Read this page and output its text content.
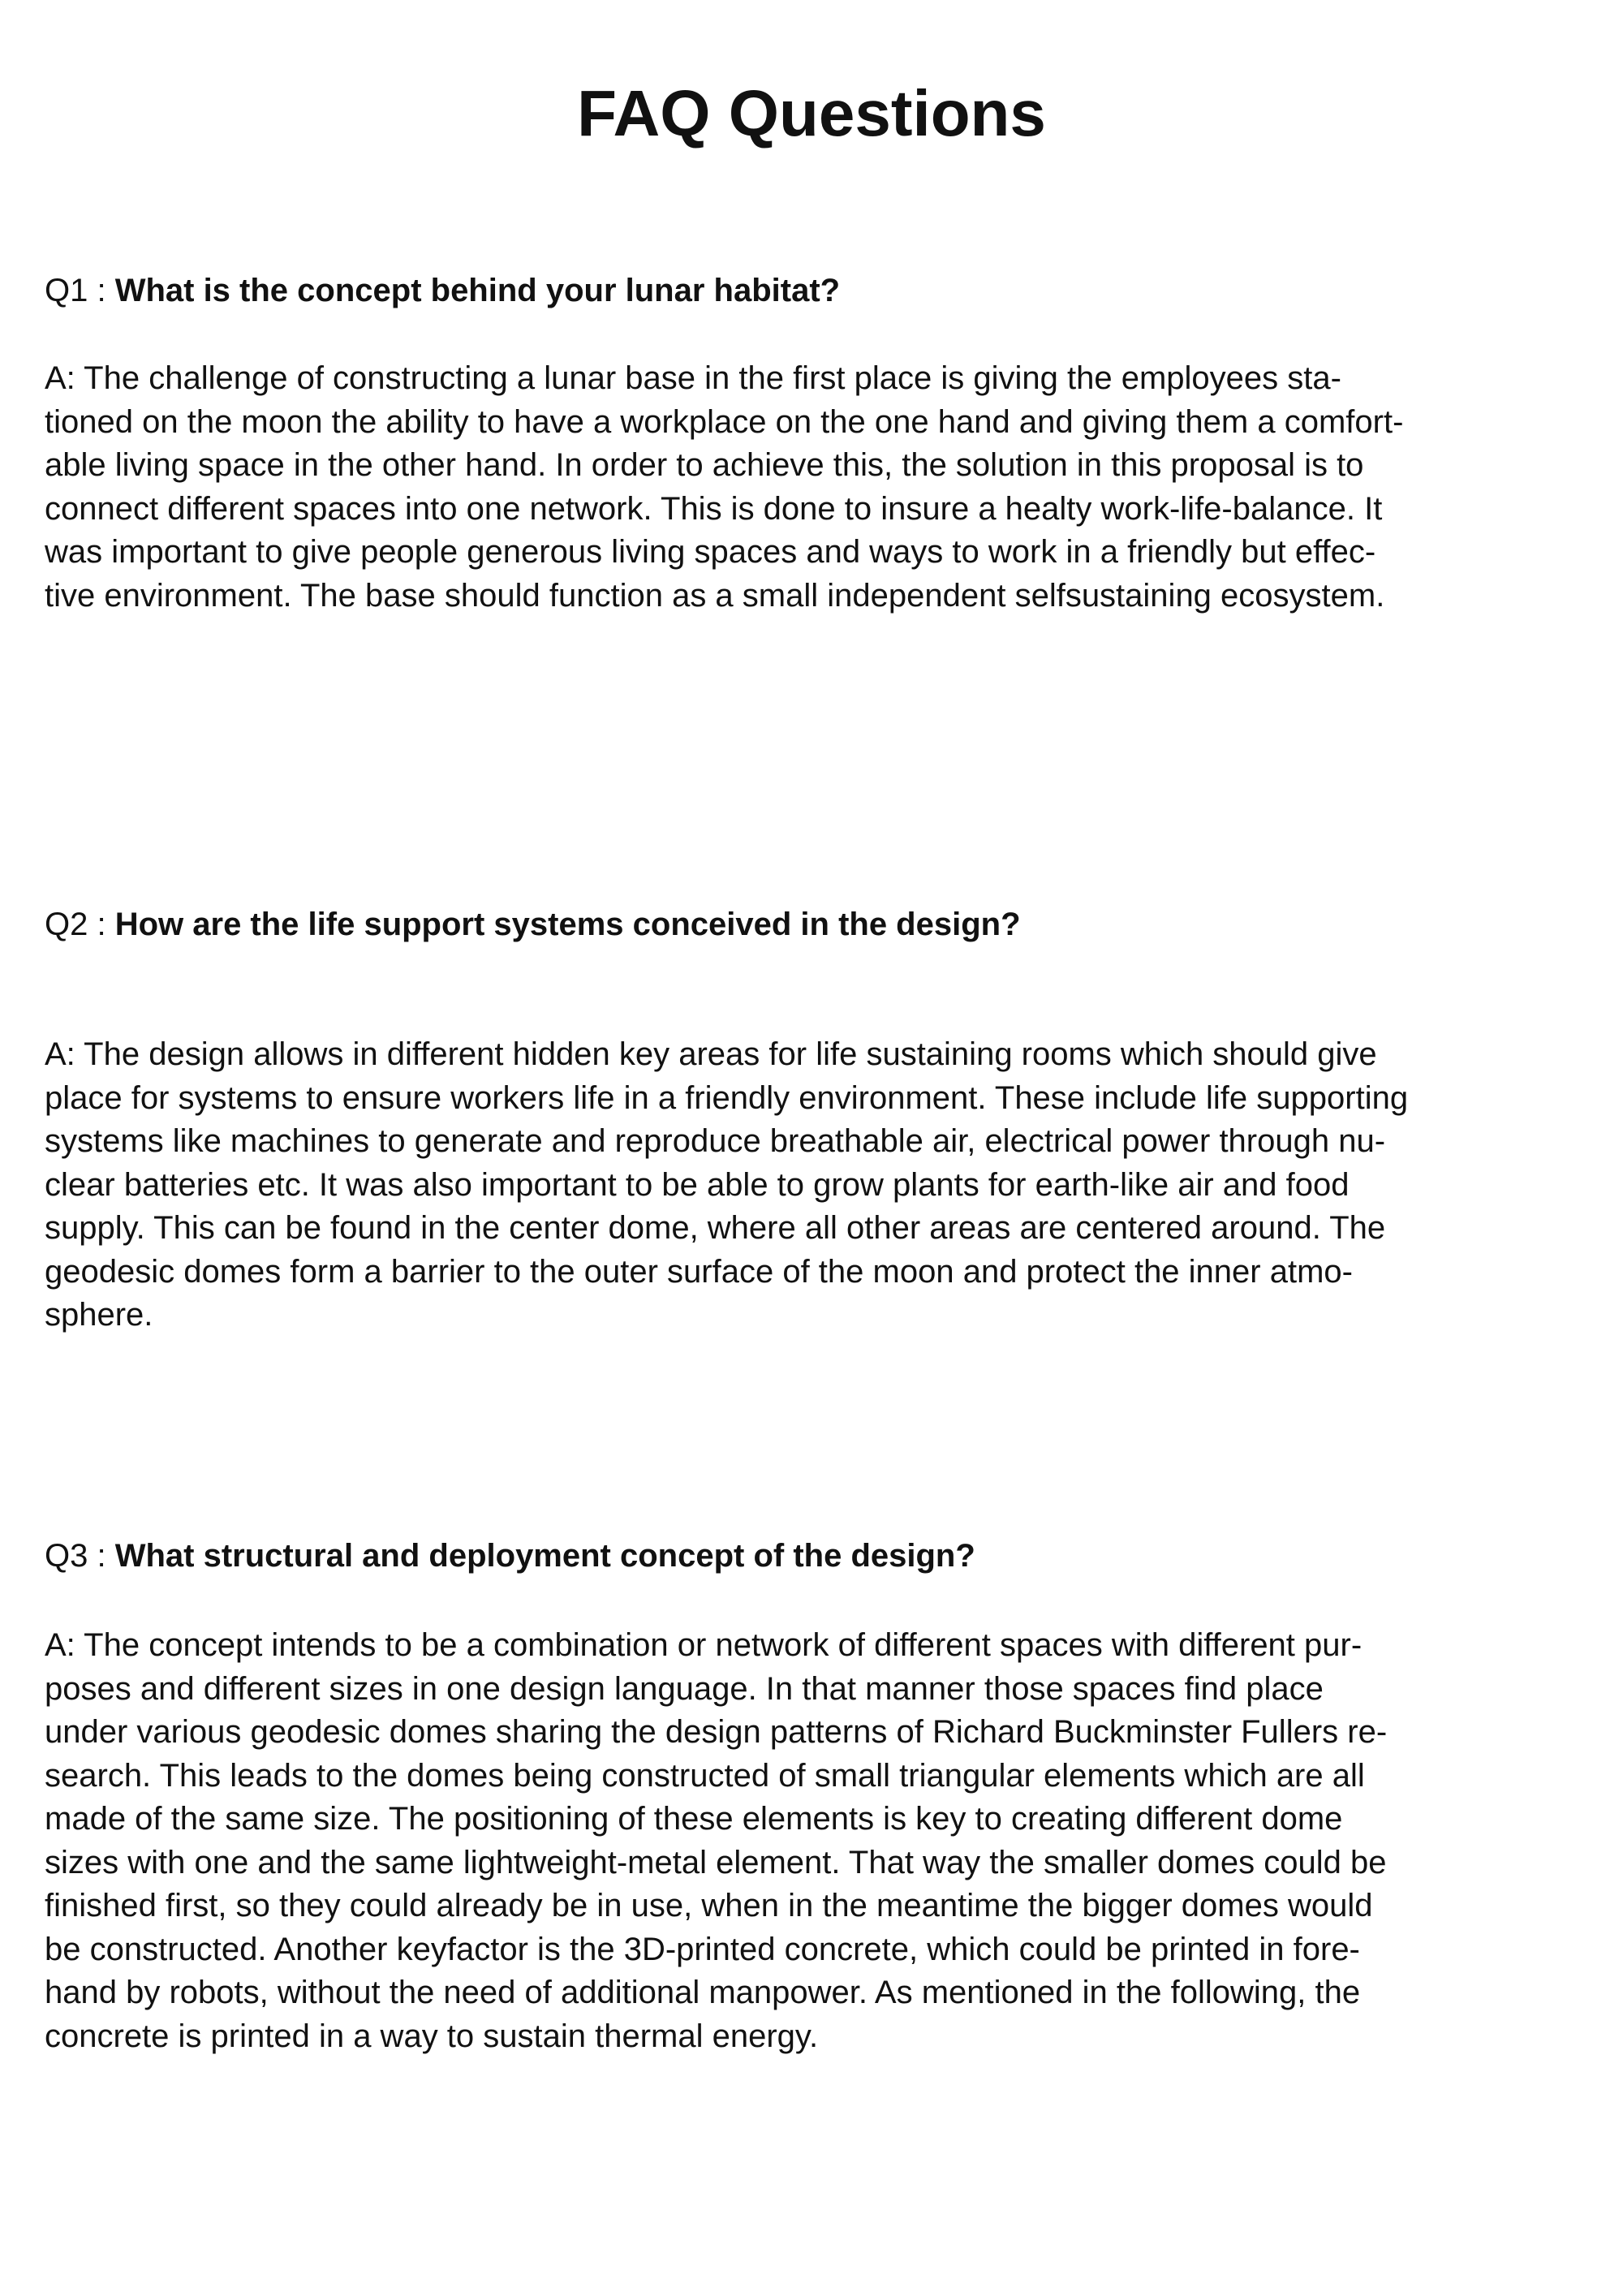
FAQ Questions

Q1 : What is the concept behind your lunar habitat?

A: The challenge of constructing a lunar base in the first place is giving the employees sta-
tioned on the moon the ability to have a workplace on the one hand and giving them a comfort-
able living space in the other hand. In order to achieve this, the solution in this proposal is to
connect different spaces into one network. This is done to insure a healty work-life-balance. It
was important to give people generous living spaces and ways to work in a friendly but effec-
tive environment. The base should function as a small independent selfsustaining ecosystem.

Q2 : How are the life support systems conceived in the design?

A: The design allows in different hidden key areas for life sustaining rooms which should give
place for systems to ensure workers life in a friendly environment. These include life supporting
systems like machines to generate and reproduce breathable air, electrical power through nu-
clear batteries etc. It was also important to be able to grow plants for earth-like air and food
supply. This can be found in the center dome, where all other areas are centered around. The
geodesic domes form a barrier to the outer surface of the moon and protect the inner atmo-
sphere.

Q3 : What structural and deployment concept of the design?

A: The concept intends to be a combination or network of different spaces with different pur-
poses and different sizes in one design language. In that manner those spaces find place
under various geodesic domes sharing the design patterns of Richard Buckminster Fullers re-
search. This leads to the domes being constructed of small triangular elements which are all
made of the same size. The positioning of these elements is key to creating different dome
sizes with one and the same lightweight-metal element. That way the smaller domes could be
finished first, so they could already be in use, when in the meantime the bigger domes would
be constructed. Another keyfactor is the 3D-printed concrete, which could be printed in fore-
hand by robots, without the need of additional manpower. As mentioned in the following, the
concrete is printed in a way to sustain thermal energy.
